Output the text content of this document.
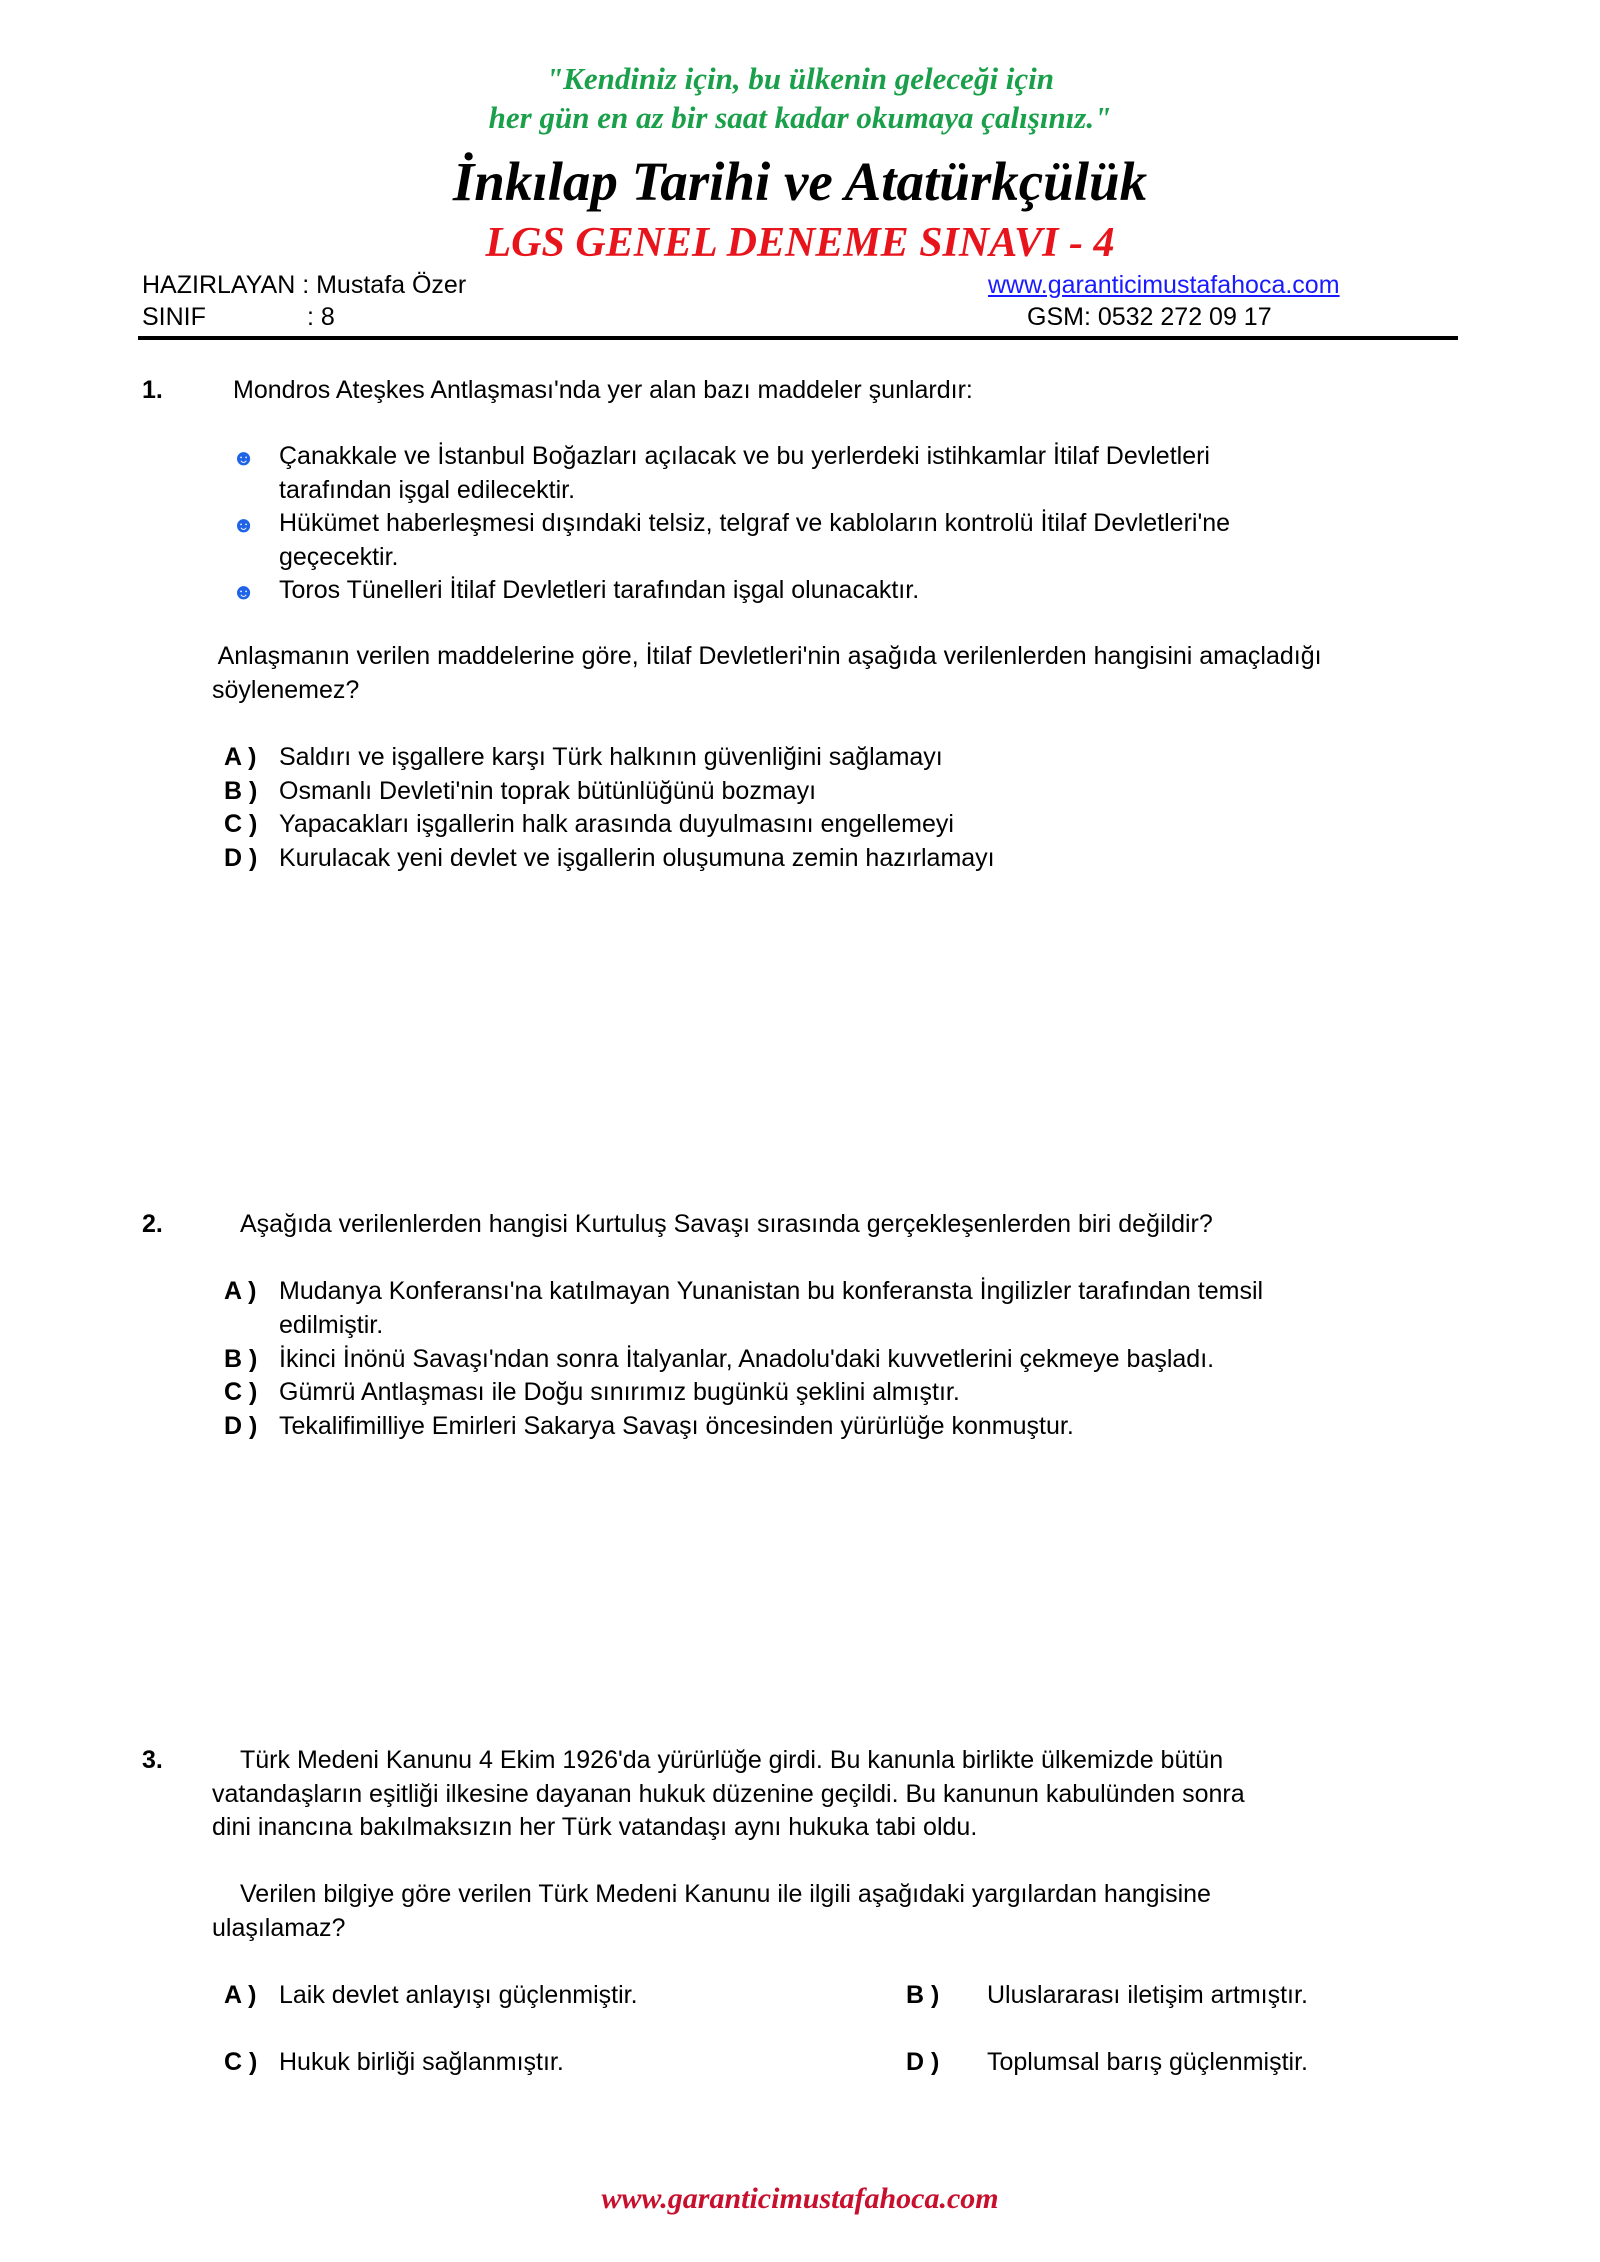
"Kendiniz için, bu ülkenin geleceği için
her gün en az bir saat kadar okumaya çalışınız."
İnkılap Tarihi ve Atatürkçülük
LGS GENEL DENEME SINAVI - 4
HAZIRLAYAN : Mustafa Özer
SINIF	: 8
www.garanticimustafahoca.com
GSM: 0532 272 09 17
1.	Mondros Ateşkes Antlaşması'nda yer alan bazı maddeler şunlardır:
☻ Çanakkale ve İstanbul Boğazları açılacak ve bu yerlerdeki istihkamlar İtilaf Devletleri
tarafından işgal edilecektir.
☻ Hükümet haberleşmesi dışındaki telsiz, telgraf ve kabloların kontrolü İtilaf Devletleri'ne
geçecektir.
☻ Toros Tünelleri İtilaf Devletleri tarafından işgal olunacaktır.
Anlaşmanın verilen maddelerine göre, İtilaf Devletleri'nin aşağıda verilenlerden hangisini amaçladığı
söylenemez?
A ) Saldırı ve işgallere karşı Türk halkının güvenliğini sağlamayı
B ) Osmanlı Devleti'nin toprak bütünlüğünü bozmayı
C ) Yapacakları işgallerin halk arasında duyulmasını engellemeyi
D ) Kurulacak yeni devlet ve işgallerin oluşumuna zemin hazırlamayı
2.	Aşağıda verilenlerden hangisi Kurtuluş Savaşı sırasında gerçekleşenlerden biri değildir?
A ) Mudanya Konferansı'na katılmayan Yunanistan bu konferansta İngilizler tarafından temsil
edilmiştir.
B ) İkinci İnönü Savaşı'ndan sonra İtalyanlar, Anadolu'daki kuvvetlerini çekmeye başladı.
C ) Gümrü Antlaşması ile Doğu sınırımız bugünkü şeklini almıştır.
D ) Tekalifimilliye Emirleri Sakarya Savaşı öncesinden yürürlüğe konmuştur.
3.	Türk Medeni Kanunu 4 Ekim 1926'da yürürlüğe girdi. Bu kanunla birlikte ülkemizde bütün
vatandaşların eşitliği ilkesine dayanan hukuk düzenine geçildi. Bu kanunun kabulünden sonra
dini inancına bakılmaksızın her Türk vatandaşı aynı hukuka tabi oldu.
Verilen bilgiye göre verilen Türk Medeni Kanunu ile ilgili aşağıdaki yargılardan hangisine
ulaşılamaz?
A ) Laik devlet anlayışı güçlenmiştir.	B ) Uluslararası iletişim artmıştır.
C ) Hukuk birliği sağlanmıştır.	D ) Toplumsal barış güçlenmiştir.
www.garanticimustafahoca.com
